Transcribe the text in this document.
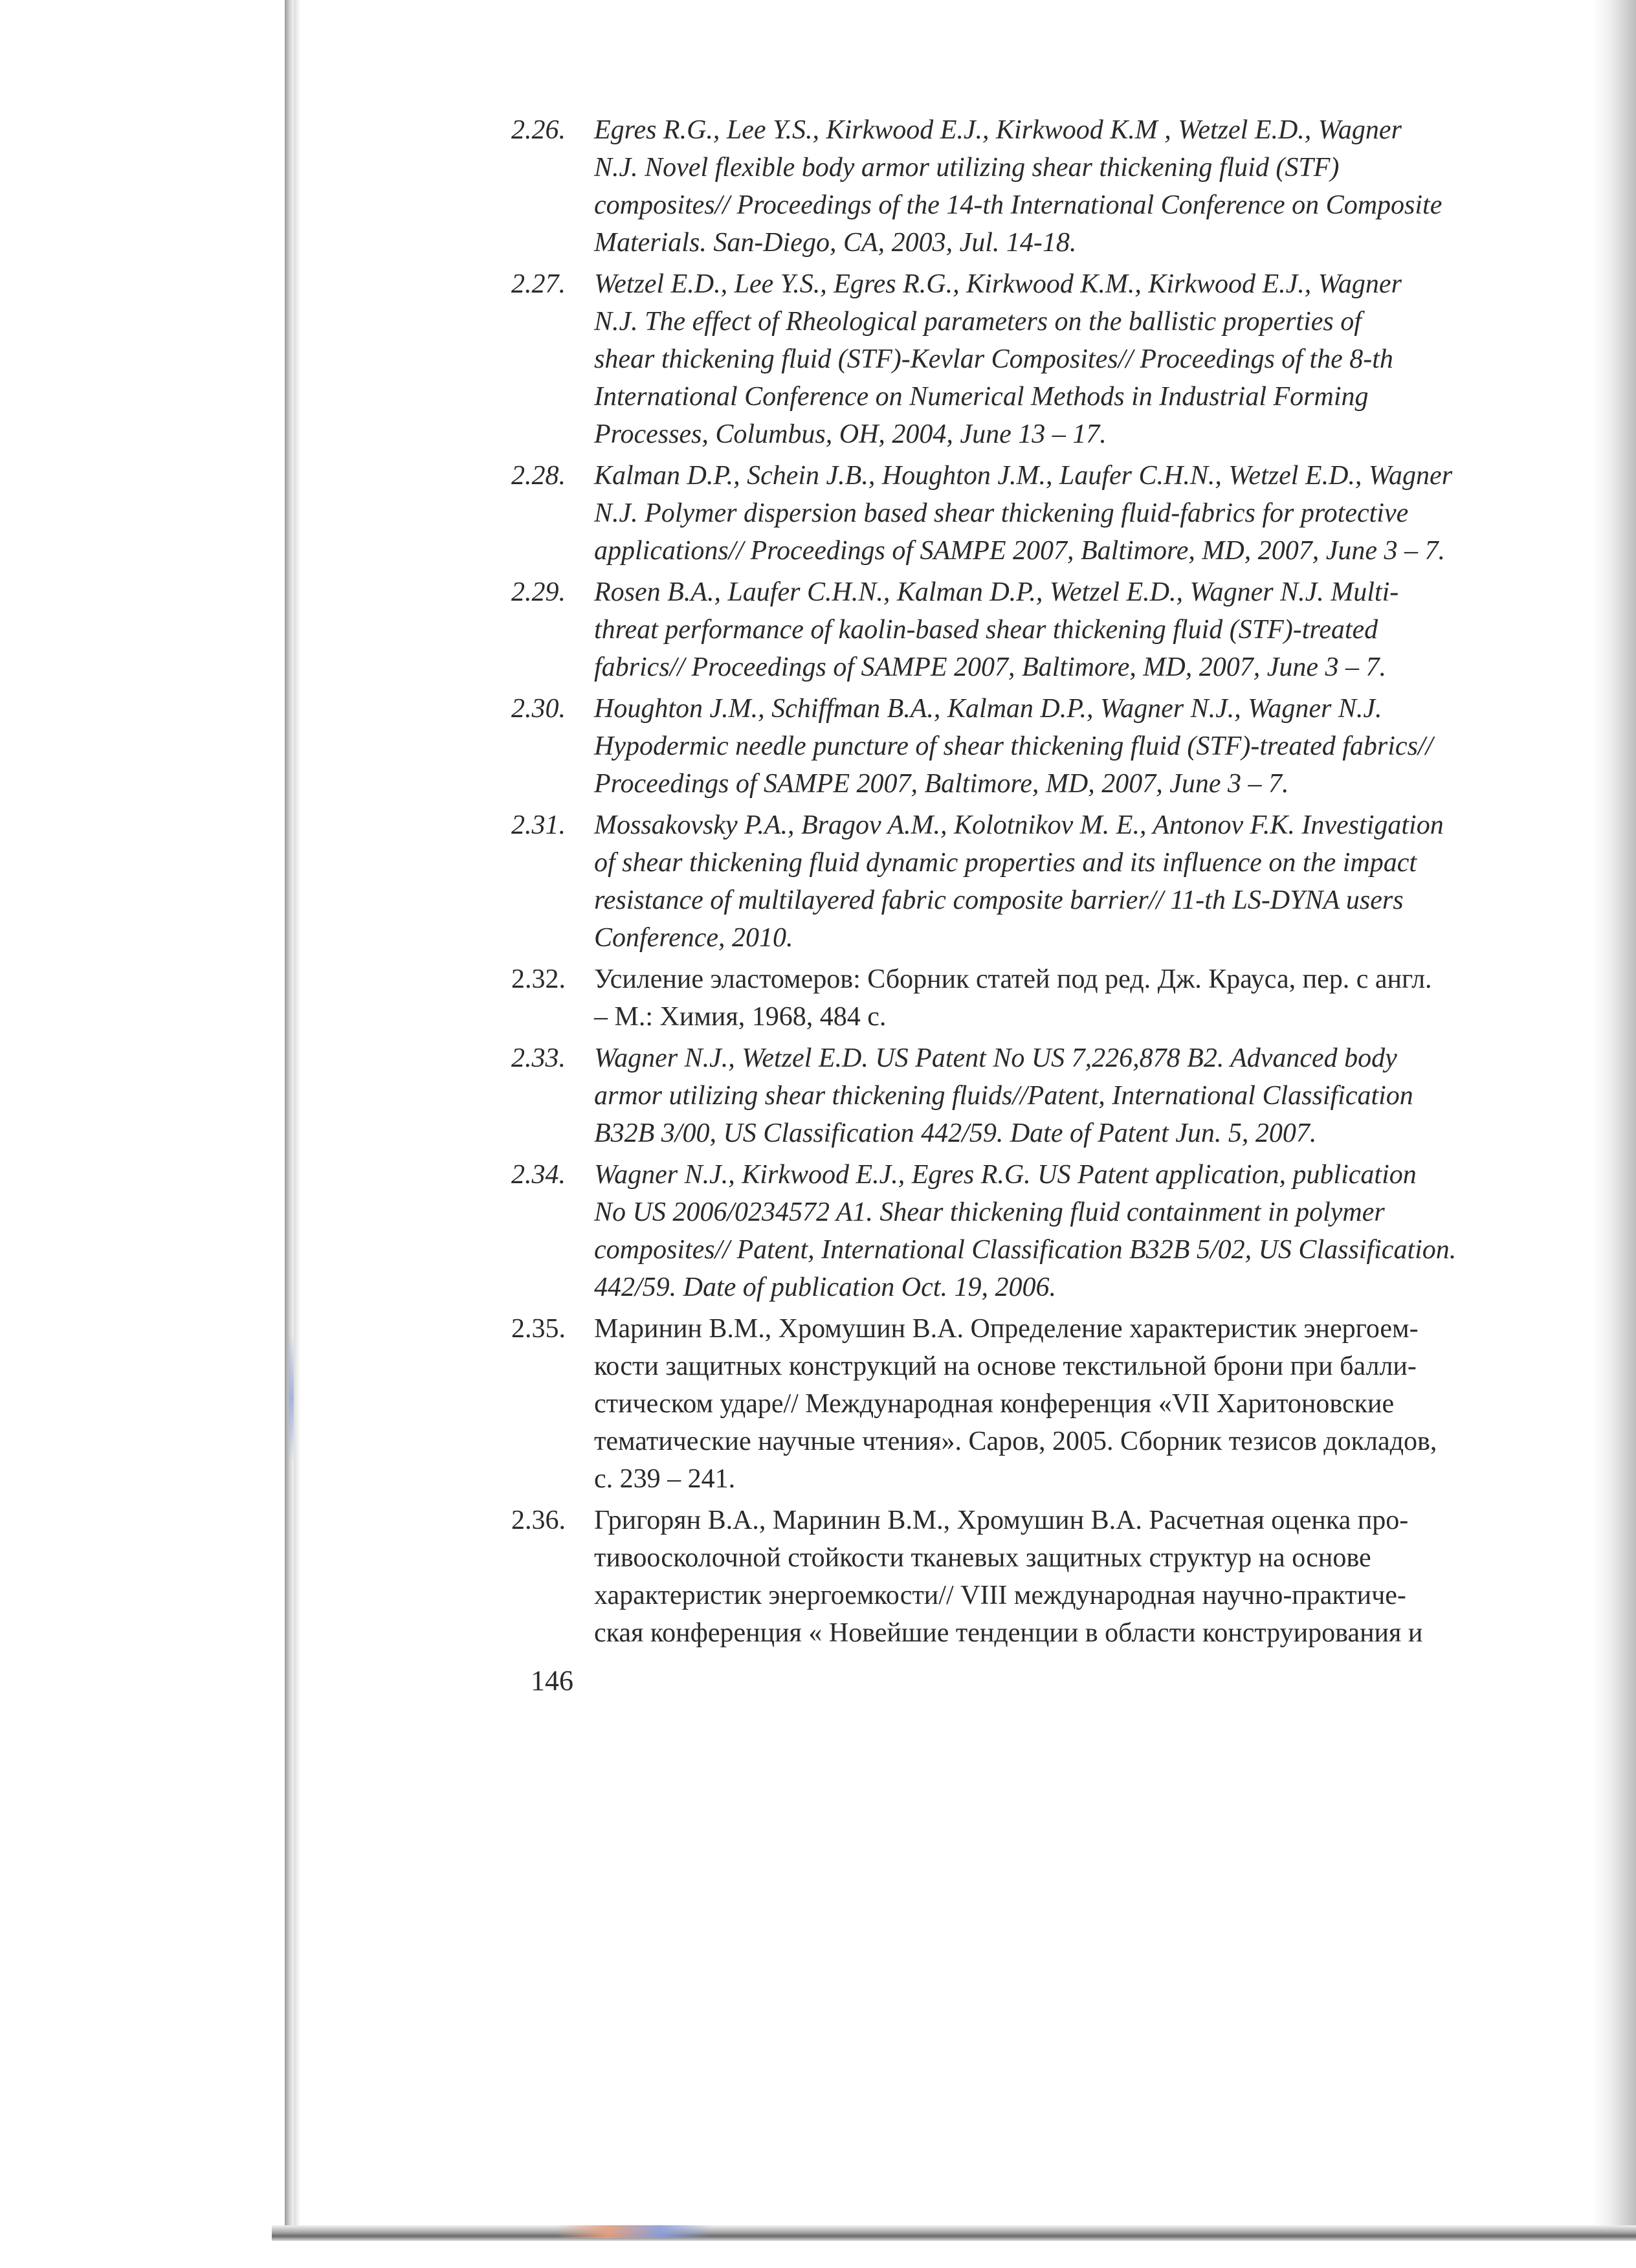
2.26. Egres R.G., Lee Y.S., Kirkwood E.J., Kirkwood K.M , Wetzel E.D., Wagner
N.J. Novel flexible body armor utilizing shear thickening fluid (STF)
composites// Proceedings of the 14-th International Conference on Composite
Materials. San-Diego, CA, 2003, Jul. 14-18.
2.27. Wetzel E.D., Lee Y.S., Egres R.G., Kirkwood K.M., Kirkwood E.J., Wagner
N.J. The effect of Rheological parameters on the ballistic properties of
shear thickening fluid (STF)-Kevlar Composites// Proceedings of the 8-th
International Conference on Numerical Methods in Industrial Forming
Processes, Columbus, OH, 2004, June 13 – 17.
2.28. Kalman D.P., Schein J.B., Houghton J.M., Laufer C.H.N., Wetzel E.D., Wagner
N.J. Polymer dispersion based shear thickening fluid-fabrics for protective
applications// Proceedings of SAMPE 2007, Baltimore, MD, 2007, June 3 – 7.
2.29. Rosen B.A., Laufer C.H.N., Kalman D.P., Wetzel E.D., Wagner N.J. Multi-
threat performance of kaolin-based shear thickening fluid (STF)-treated
fabrics// Proceedings of SAMPE 2007, Baltimore, MD, 2007, June 3 – 7.
2.30. Houghton J.M., Schiffman B.A., Kalman D.P., Wagner N.J., Wagner N.J.
Hypodermic needle puncture of shear thickening fluid (STF)-treated fabrics//
Proceedings of SAMPE 2007, Baltimore, MD, 2007, June 3 – 7.
2.31. Mossakovsky P.A., Bragov A.M., Kolotnikov M. E., Antonov F.K. Investigation
of shear thickening fluid dynamic properties and its influence on the impact
resistance of multilayered fabric composite barrier// 11-th LS-DYNA users
Conference, 2010.
2.32. Усиление эластомеров: Сборник статей под ред. Дж. Крауса, пер. с англ.
– М.: Химия, 1968, 484 с.
2.33. Wagner N.J., Wetzel E.D. US Patent No US 7,226,878 B2. Advanced body
armor utilizing shear thickening fluids//Patent, International Classification
B32B 3/00, US Classification 442/59. Date of Patent Jun. 5, 2007.
2.34. Wagner N.J., Kirkwood E.J., Egres R.G. US Patent application, publication
No US 2006/0234572 A1. Shear thickening fluid containment in polymer
composites// Patent, International Classification B32B 5/02, US Classification.
442/59. Date of publication Oct. 19, 2006.
2.35. Маринин В.М., Хромушин В.А. Определение характеристик энергоем-
кости защитных конструкций на основе текстильной брони при балли-
стическом ударе// Международная конференция «VII Харитоновские
тематические научные чтения». Саров, 2005. Сборник тезисов докладов,
с. 239 – 241.
2.36. Григорян В.А., Маринин В.М., Хромушин В.А. Расчетная оценка про-
тивоосколочной стойкости тканевых защитных структур на основе
характеристик энергоемкости// VIII международная научно-практиче-
ская конференция « Новейшие тенденции в области конструирования и
146
